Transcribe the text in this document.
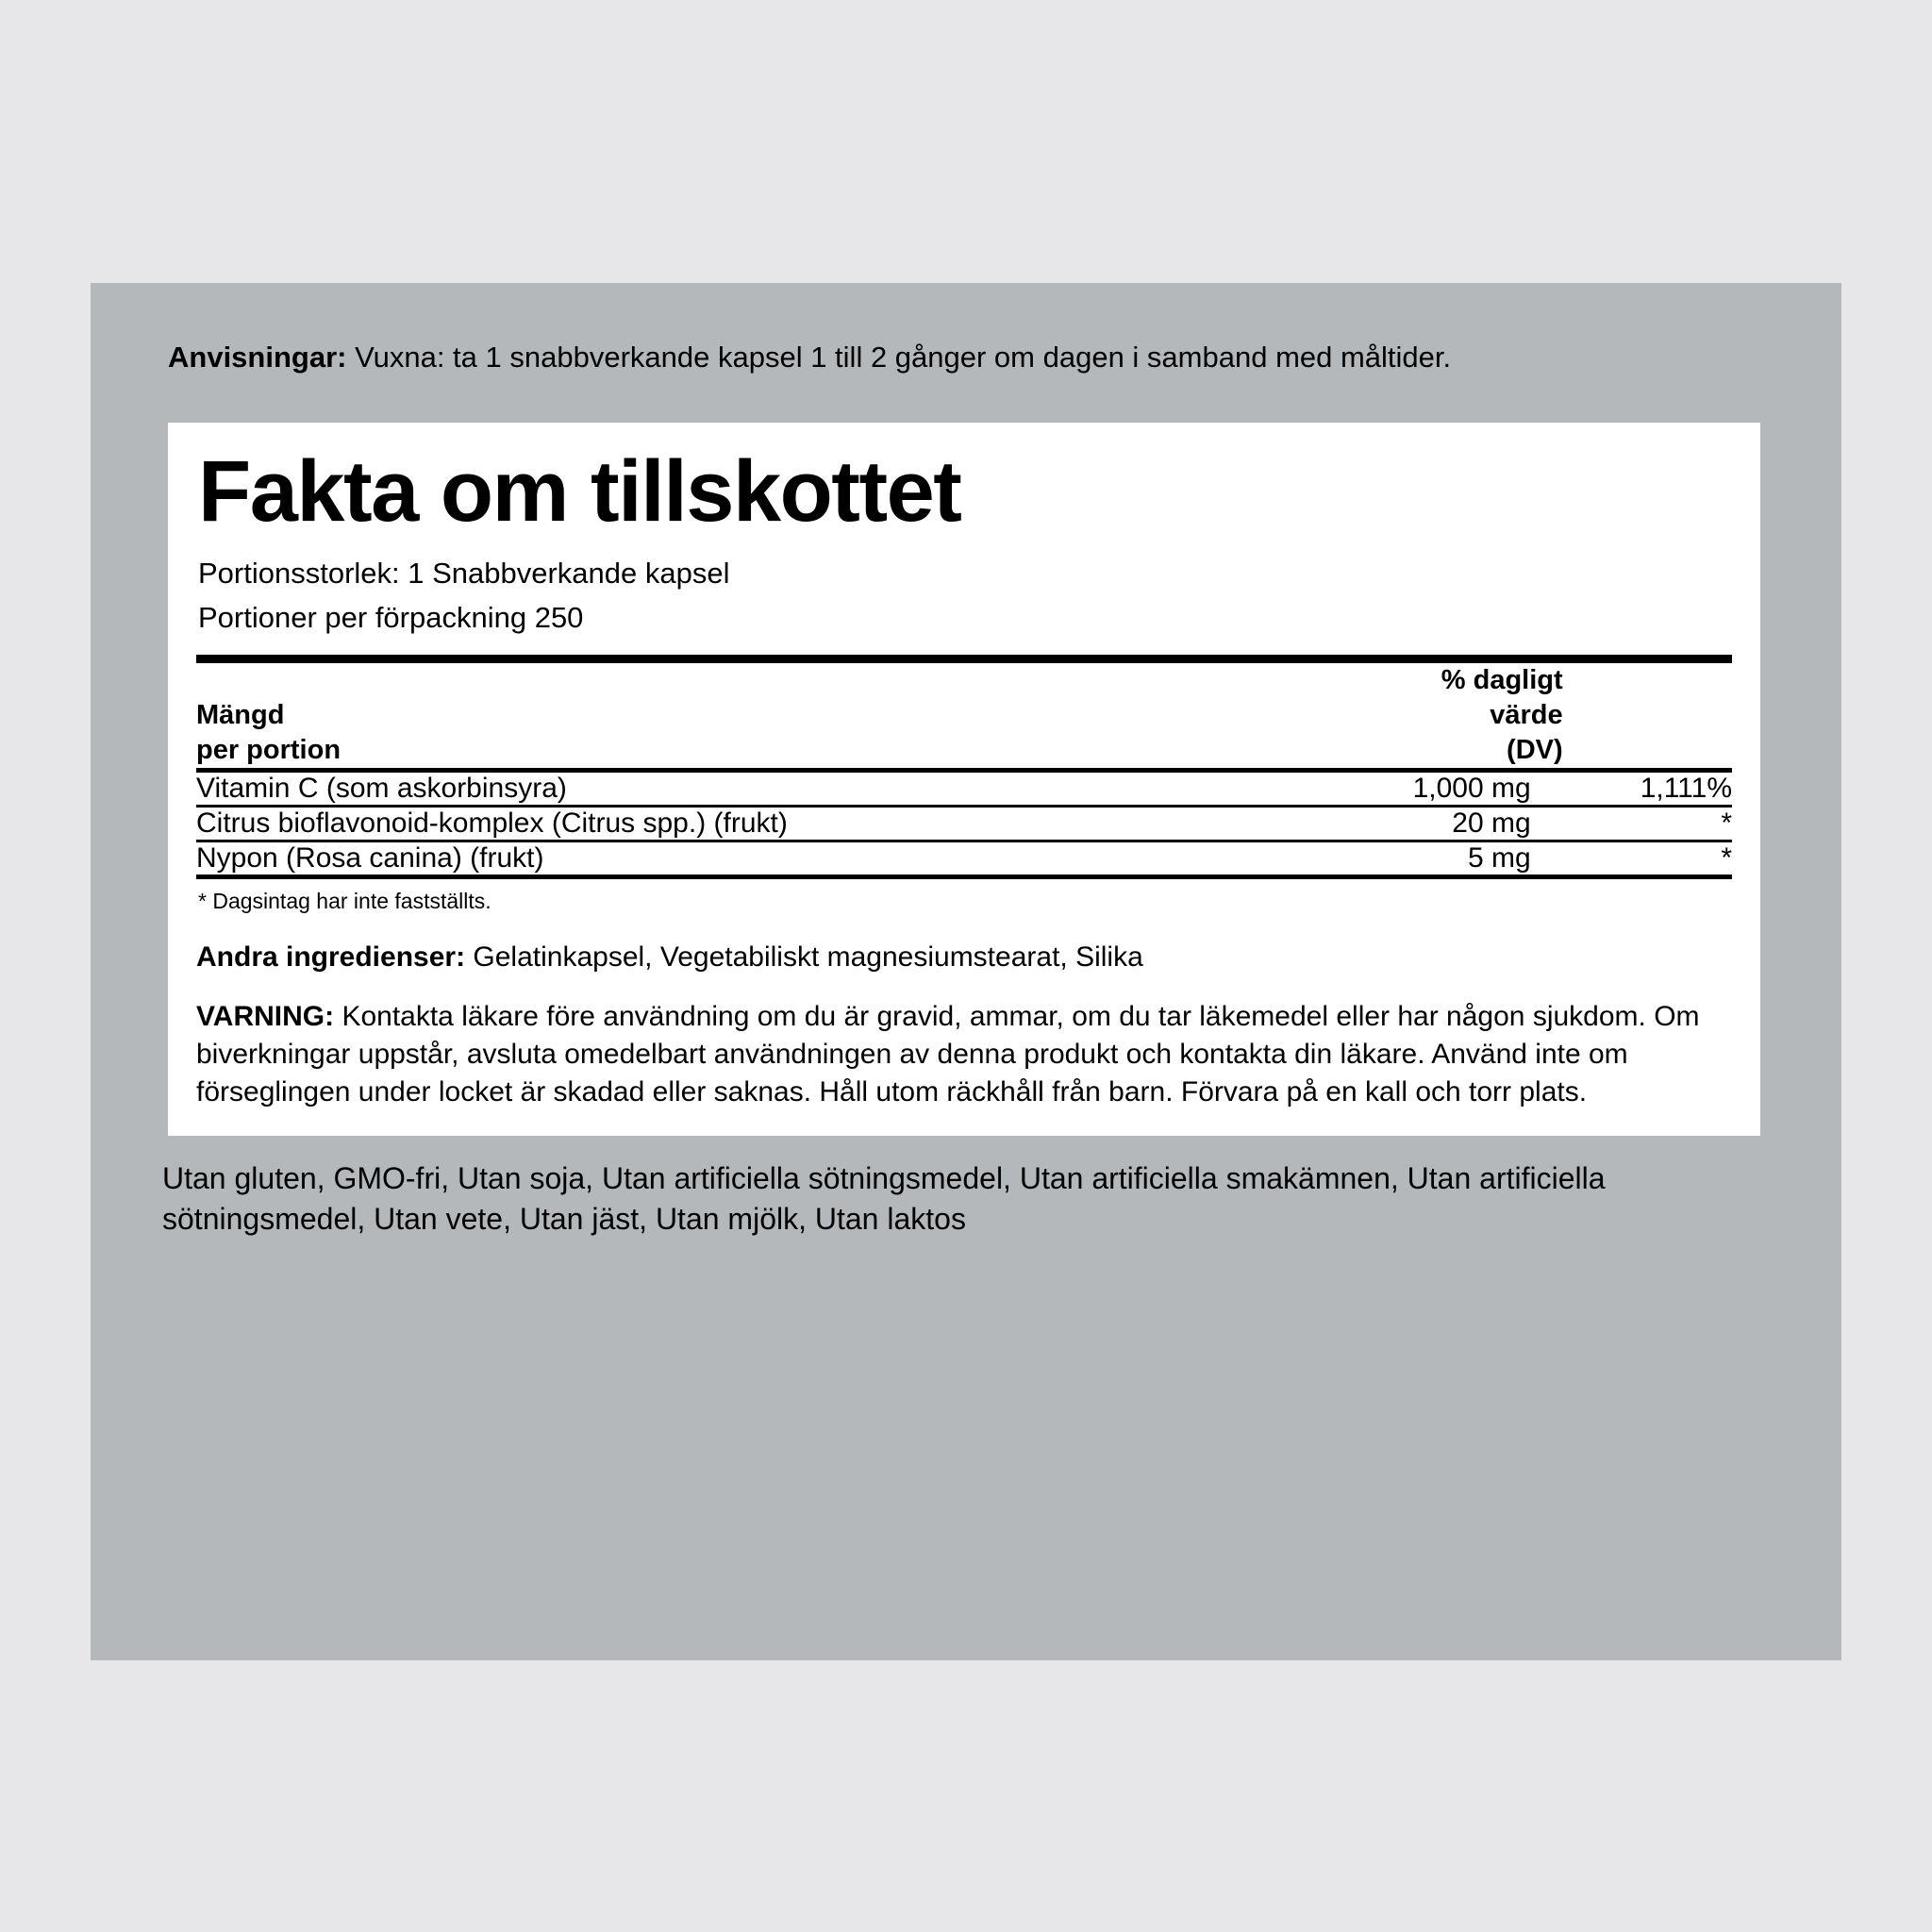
Anvisningar: Vuxna: ta 1 snabbverkande kapsel 1 till 2 gånger om dagen i samband med måltider.
Fakta om tillskottet
Portionsstorlek: 1 Snabbverkande kapsel
Portioner per förpackning 250
Mängd
per portion

% dagligt
värde
(DV)

Vitamin C (som askorbinsyra)	1,000 mg	1,111%
Citrus bioflavonoid-komplex (Citrus spp.) (frukt)	20 mg	*
Nypon (Rosa canina) (frukt)	5 mg	*
* Dagsintag har inte fastställts.
Andra ingredienser: Gelatinkapsel, Vegetabiliskt magnesiumstearat, Silika
VARNING: Kontakta läkare före användning om du är gravid, ammar, om du tar läkemedel eller har någon sjukdom. Om biverkningar uppstår, avsluta omedelbart användningen av denna produkt och kontakta din läkare. Använd inte om förseglingen under locket är skadad eller saknas. Håll utom räckhåll från barn. Förvara på en kall och torr plats.
Utan gluten, GMO-fri, Utan soja, Utan artificiella sötningsmedel, Utan artificiella smakämnen, Utan artificiella sötningsmedel, Utan vete, Utan jäst, Utan mjölk, Utan laktos
